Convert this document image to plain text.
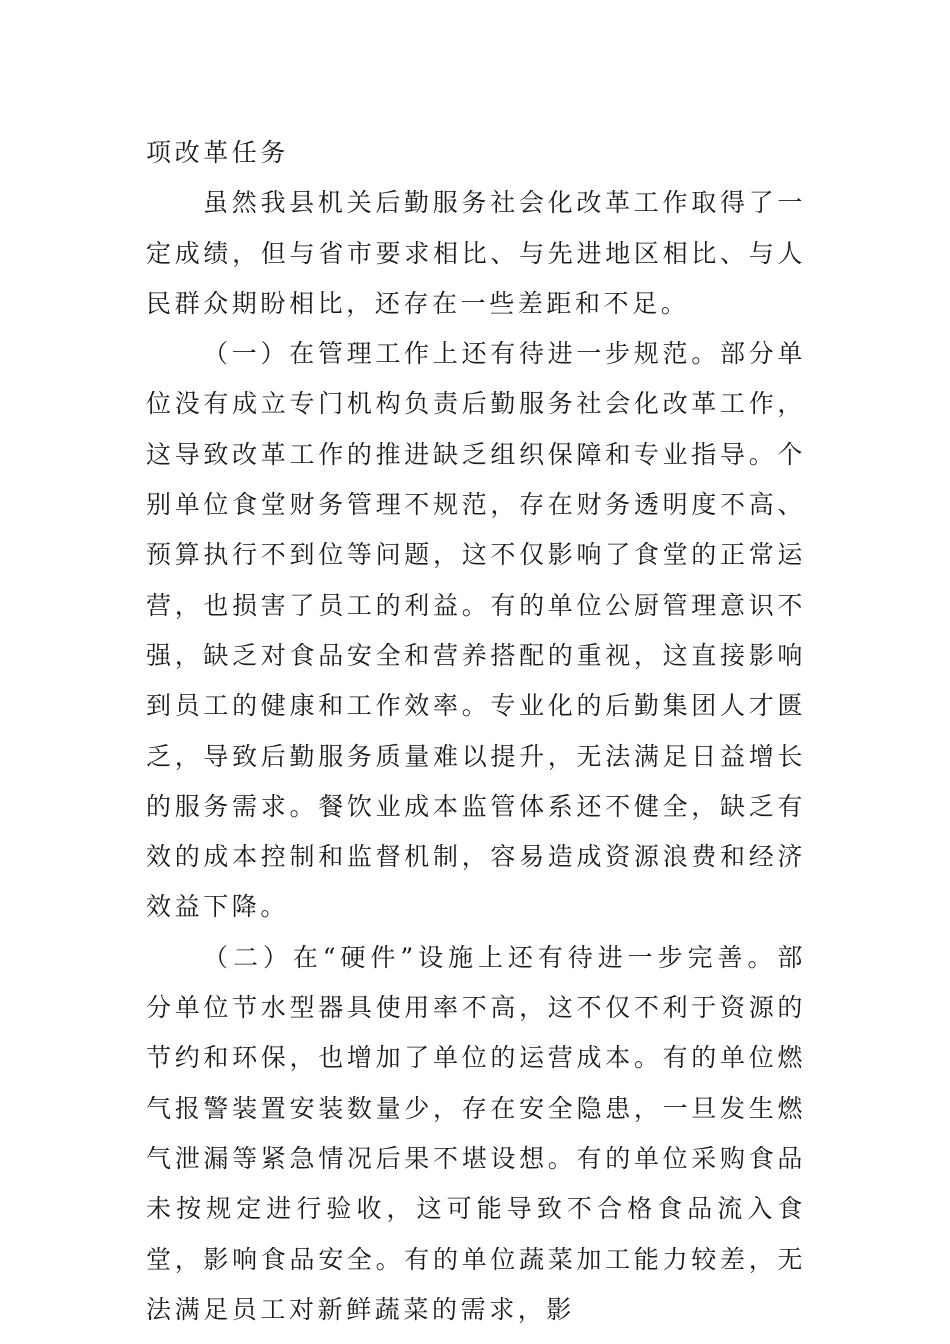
项改革任务

虽然我县机关后勤服务社会化改革工作取得了一定成绩，但与省市要求相比、与先进地区相比、与人民群众期盼相比，还存在一些差距和不足。

（一）在管理工作上还有待进一步规范。部分单位没有成立专门机构负责后勤服务社会化改革工作，这导致改革工作的推进缺乏组织保障和专业指导。个别单位食堂财务管理不规范，存在财务透明度不高、预算执行不到位等问题，这不仅影响了食堂的正常运营，也损害了员工的利益。有的单位公厨管理意识不强，缺乏对食品安全和营养搭配的重视，这直接影响到员工的健康和工作效率。专业化的后勤集团人才匮乏，导致后勤服务质量难以提升，无法满足日益增长的服务需求。餐饮业成本监管体系还不健全，缺乏有效的成本控制和监督机制，容易造成资源浪费和经济效益下降。

（二）在“硬件”设施上还有待进一步完善。部分单位节水型器具使用率不高，这不仅不利于资源的节约和环保，也增加了单位的运营成本。有的单位燃气报警装置安装数量少，存在安全隐患，一旦发生燃气泄漏等紧急情况后果不堪设想。有的单位采购食品未按规定进行验收，这可能导致不合格食品流入食堂，影响食品安全。有的单位蔬菜加工能力较差，无法满足员工对新鲜蔬菜的需求，影
